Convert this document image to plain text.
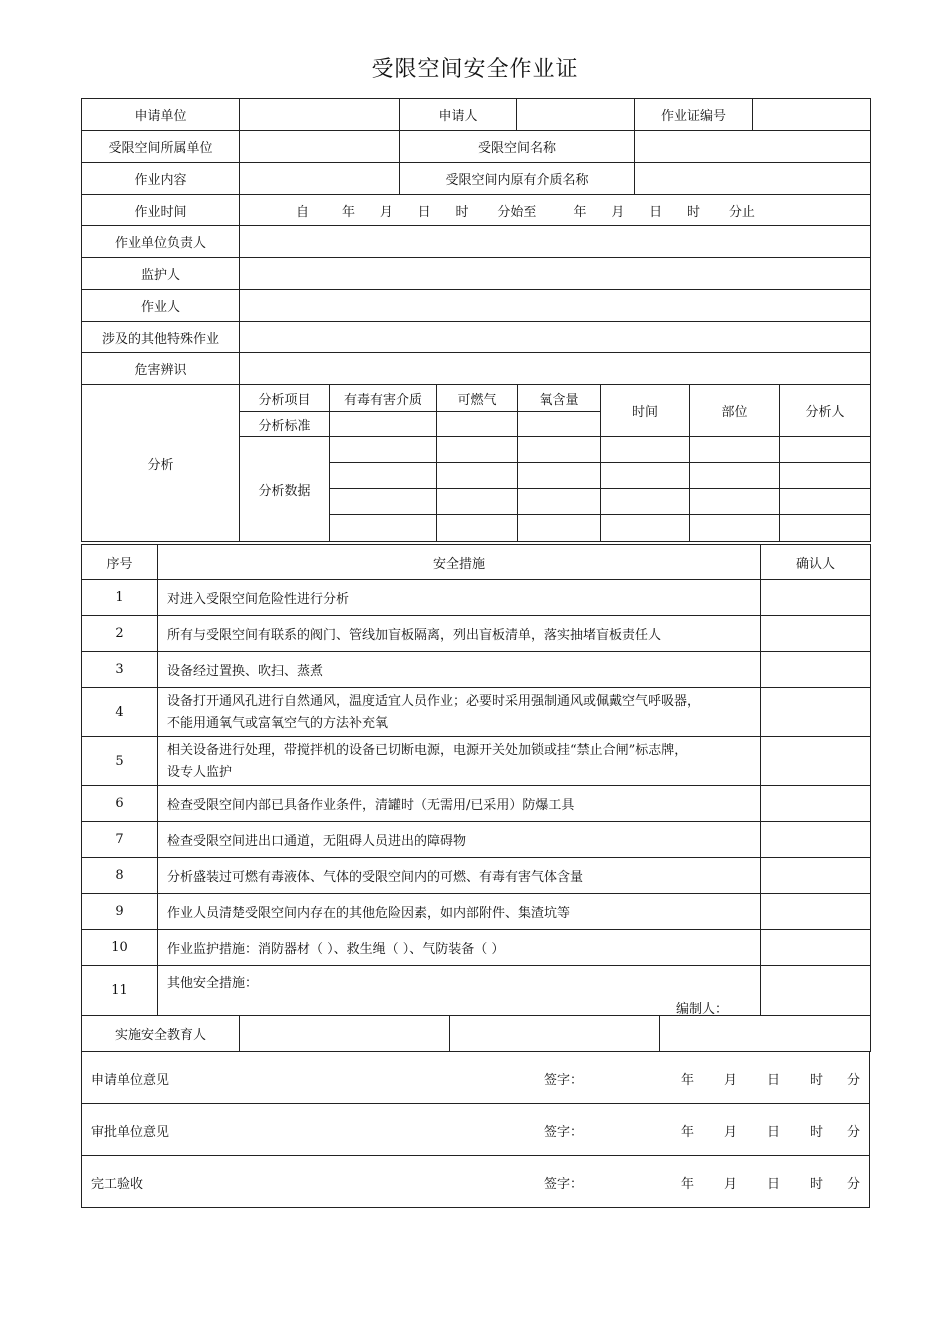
受限空间安全作业证
申请单位		申请人		作业证编号	
受限空间所属单位		受限空间名称			
作业内容		受限空间内原有介质名称			
作业时间	自        年      月      日      时       分始至         年      月      日      时       分止				
作业单位负责人					
监护人					
作业人					
涉及的其他特殊作业					
危害辨识					
分析	分析项目	有毒有害介质	可燃气	氧含量	时间	部位	分析人
	分析标准						
	分析数据						

序号	安全措施	确认人
1	对进入受限空间危险性进行分析	
2	所有与受限空间有联系的阀门、管线加盲板隔离，列出盲板清单，落实抽堵盲板责任人	
3	设备经过置换、吹扫、蒸煮	
4	设备打开通风孔进行自然通风，温度适宜人员作业；必要时采用强制通风或佩戴空气呼吸器，
不能用通氧气或富氧空气的方法补充氧	

5	相关设备进行处理，带搅拌机的设备已切断电源，电源开关处加锁或挂“禁止合闸”标志牌，
设专人监护	

6	检查受限空间内部已具备作业条件，清罐时（无需用/已采用）防爆工具	
7	检查受限空间进出口通道，无阻碍人员进出的障碍物	
8	分析盛装过可燃有毒液体、气体的受限空间内的可燃、有毒有害气体含量	
9	作业人员清楚受限空间内存在的其他危险因素，如内部附件、集渣坑等	
10	作业监护措施：消防器材（ ）、救生绳（ ）、气防装备（ ）	
11	其他安全措施：
编制人：	

实施安全教育人			
申请单位意见	签字：	年 月 日 时 分

审批单位意见	签字：	年 月 日 时 分

完工验收	签字：	年 月 日 时 分
